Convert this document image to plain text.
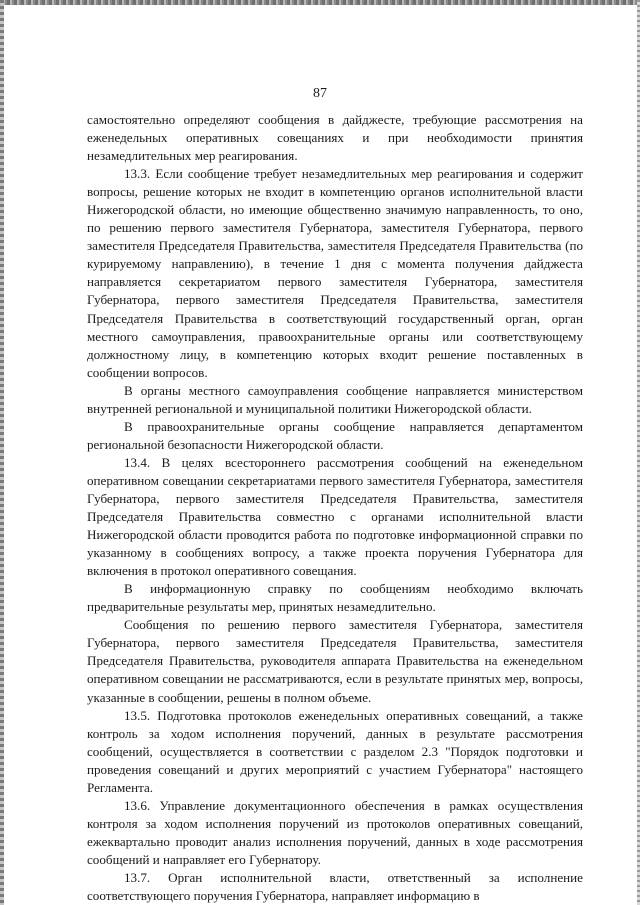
87

самостоятельно определяют сообщения в дайджесте, требующие рассмотрения на еженедельных оперативных совещаниях и при необходимости принятия незамедлительных мер реагирования.

13.3. Если сообщение требует незамедлительных мер реагирования и содержит вопросы, решение которых не входит в компетенцию органов исполнительной власти Нижегородской области, но имеющие общественно значимую направленность, то оно, по решению первого заместителя Губернатора, заместителя Губернатора, первого заместителя Председателя Правительства, заместителя Председателя Правительства (по курируемому направлению), в течение 1 дня с момента получения дайджеста направляется секретариатом первого заместителя Губернатора, заместителя Губернатора, первого заместителя Председателя Правительства, заместителя Председателя Правительства в соответствующий государственный орган, орган местного самоуправления, правоохранительные органы или соответствующему должностному лицу, в компетенцию которых входит решение поставленных в сообщении вопросов.

В органы местного самоуправления сообщение направляется министерством внутренней региональной и муниципальной политики Нижегородской области.

В правоохранительные органы сообщение направляется департаментом региональной безопасности Нижегородской области.

13.4. В целях всестороннего рассмотрения сообщений на еженедельном оперативном совещании секретариатами первого заместителя Губернатора, заместителя Губернатора, первого заместителя Председателя Правительства, заместителя Председателя Правительства совместно с органами исполнительной власти Нижегородской области проводится работа по подготовке информационной справки по указанному в сообщениях вопросу, а также проекта поручения Губернатора для включения в протокол оперативного совещания.

В информационную справку по сообщениям необходимо включать предварительные результаты мер, принятых незамедлительно.

Сообщения по решению первого заместителя Губернатора, заместителя Губернатора, первого заместителя Председателя Правительства, заместителя Председателя Правительства, руководителя аппарата Правительства на еженедельном оперативном совещании не рассматриваются, если в результате принятых мер, вопросы, указанные в сообщении, решены в полном объеме.

13.5. Подготовка протоколов еженедельных оперативных совещаний, а также контроль за ходом исполнения поручений, данных в результате рассмотрения сообщений, осуществляется в соответствии с разделом 2.3 "Порядок подготовки и проведения совещаний и других мероприятий с участием Губернатора" настоящего Регламента.

13.6. Управление документационного обеспечения в рамках осуществления контроля за ходом исполнения поручений из протоколов оперативных совещаний, ежеквартально проводит анализ исполнения поручений, данных в ходе рассмотрения сообщений и направляет его Губернатору.

13.7. Орган исполнительной власти, ответственный за исполнение соответствующего поручения Губернатора, направляет информацию в
